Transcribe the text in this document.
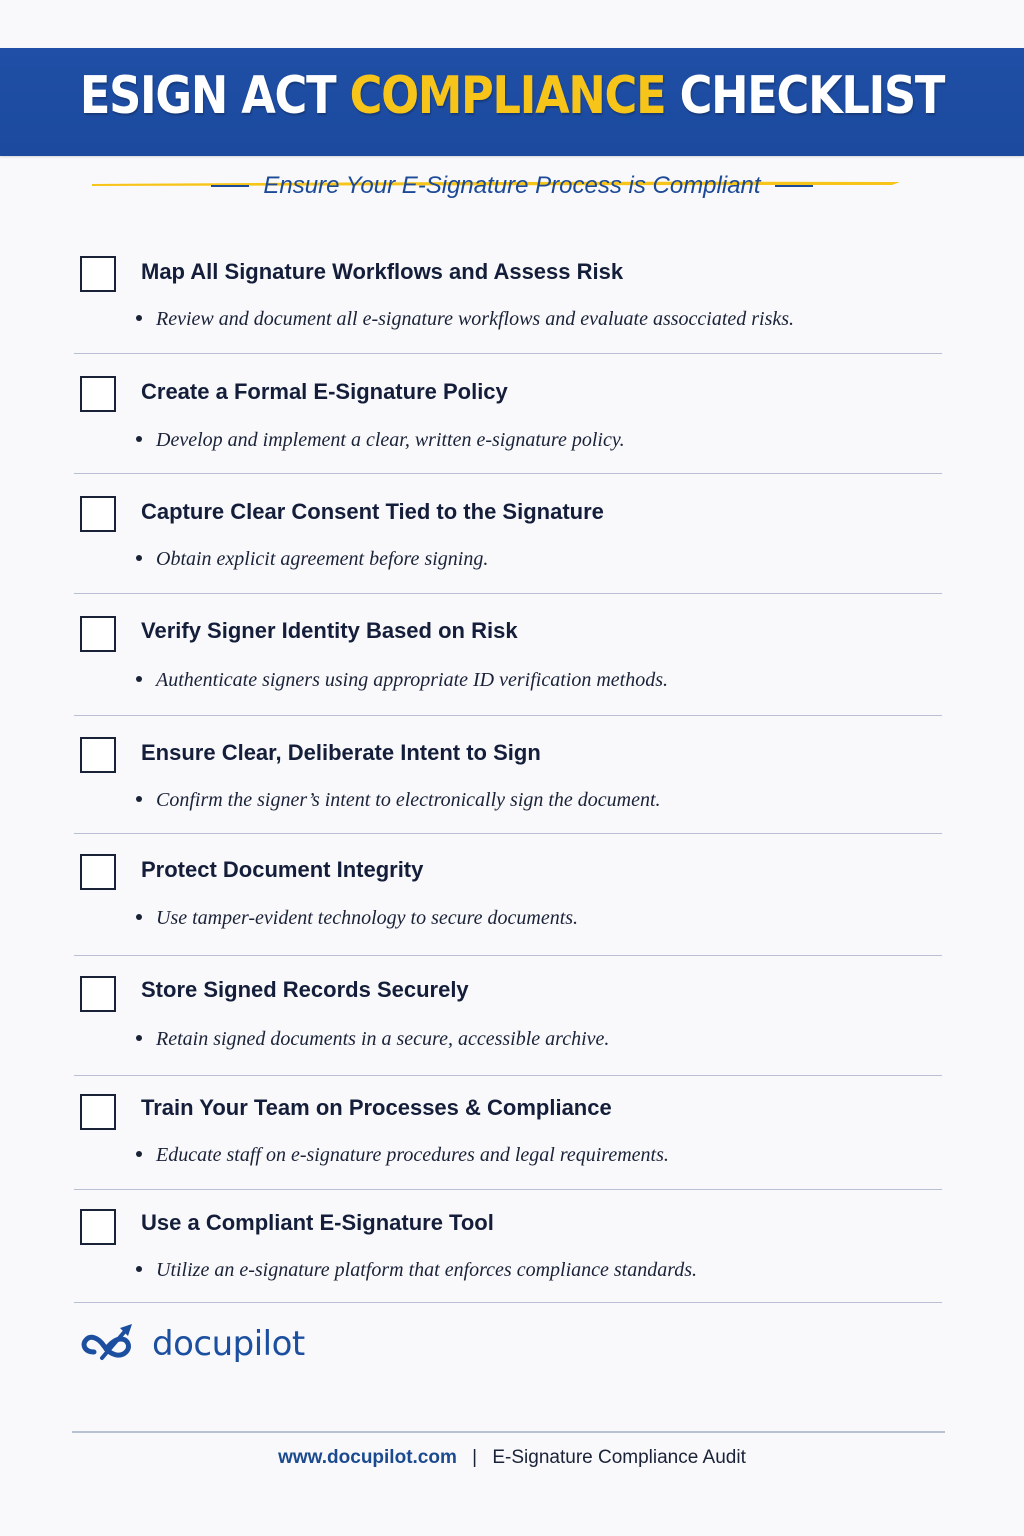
ESIGN ACT COMPLIANCE CHECKLIST
Ensure Your E-Signature Process is Compliant
Map All Signature Workflows and Assess Risk
Review and document all e-signature workflows and evaluate assocciated risks.
Create a Formal E-Signature Policy
Develop and implement a clear, written e-signature policy.
Capture Clear Consent Tied to the Signature
Obtain explicit agreement before signing.
Verify Signer Identity Based on Risk
Authenticate signers using appropriate ID verification methods.
Ensure Clear, Deliberate Intent to Sign
Confirm the signer’s intent to electronically sign the document.
Protect Document Integrity
Use tamper-evident technology to secure documents.
Store Signed Records Securely
Retain signed documents in a secure, accessible archive.
Train Your Team on Processes & Compliance
Educate staff on e-signature procedures and legal requirements.
Use a Compliant E-Signature Tool
Utilize an e-signature platform that enforces compliance standards.
docupilot
www.docupilot.com | E-Signature Compliance Audit
